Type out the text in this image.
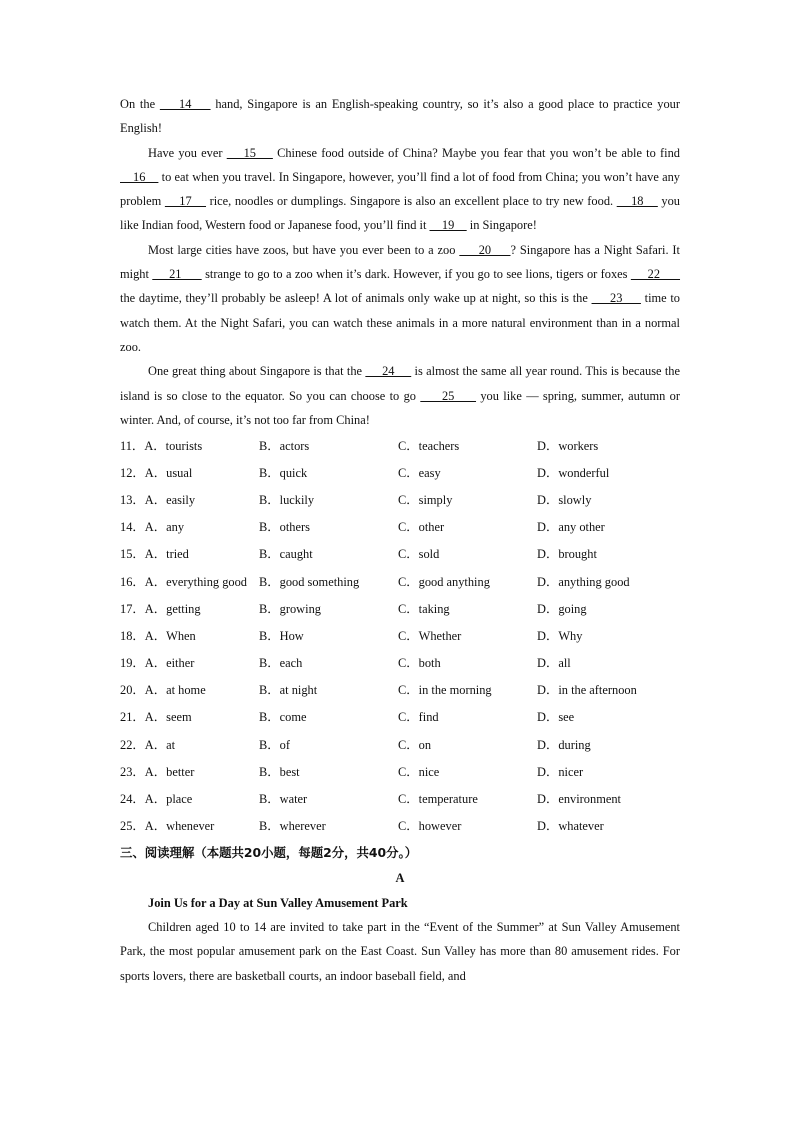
On the     14     hand, Singapore is an English-speaking country, so it’s also a good place to practice your English!

Have you ever     15     Chinese food outside of China? Maybe you fear that you won’t be able to find     16     to eat when you travel. In Singapore, however, you’ll find a lot of food from China; you won’t have any problem     17     rice, noodles or dumplings. Singapore is also an excellent place to try new food.     18     you like Indian food, Western food or Japanese food, you’ll find it     19     in Singapore!

Most large cities have zoos, but have you ever been to a zoo      20     ? Singapore has a Night Safari. It might      21       strange to go to a zoo when it’s dark. However, if you go to see lions, tigers or foxes      22       the daytime, they’ll probably be asleep! A lot of animals only wake up at night, so this is the      23      time to watch them. At the Night Safari, you can watch these animals in a more natural environment than in a normal zoo.

One great thing about Singapore is that the      24      is almost the same all year round. This is because the island is so close to the equator. So you can choose to go      25      you like — spring, summer, autumn or winter. And, of course, it’s not too far from China!

11．A．tourists	B．actors	C．teachers	D．workers
12．A．usual	B．quick	C．easy	D．wonderful
13．A．easily	B．luckily	C．simply	D．slowly
14．A．any	B．others	C．other	D．any other
15．A．tried	B．caught	C．sold	D．brought
16．A．everything good B．good something	C．good anything	D．anything good
17．A．getting	B．growing	C．taking	D．going
18．A．When	B．How	C．Whether	D．Why
19．A．either	B．each	C．both	D．all
20．A．at home	B．at night	C．in the morning	D．in the afternoon
21．A．seem	B．come	C．find	D．see
22．A．at	B．of	C．on	D．during
23．A．better	B．best	C．nice	D．nicer
24．A．place	B．water	C．temperature	D．environment
25．A．whenever	B．wherever	C．however	D．whatever
三、阅读理解（本题共20小题，每题2分，共40分。）
A
Join Us for a Day at Sun Valley Amusement Park

Children aged 10 to 14 are invited to take part in the “Event of the Summer” at Sun Valley Amusement Park, the most popular amusement park on the East Coast. Sun Valley has more than 80 amusement rides. For sports lovers, there are basketball courts, an indoor baseball field, and
